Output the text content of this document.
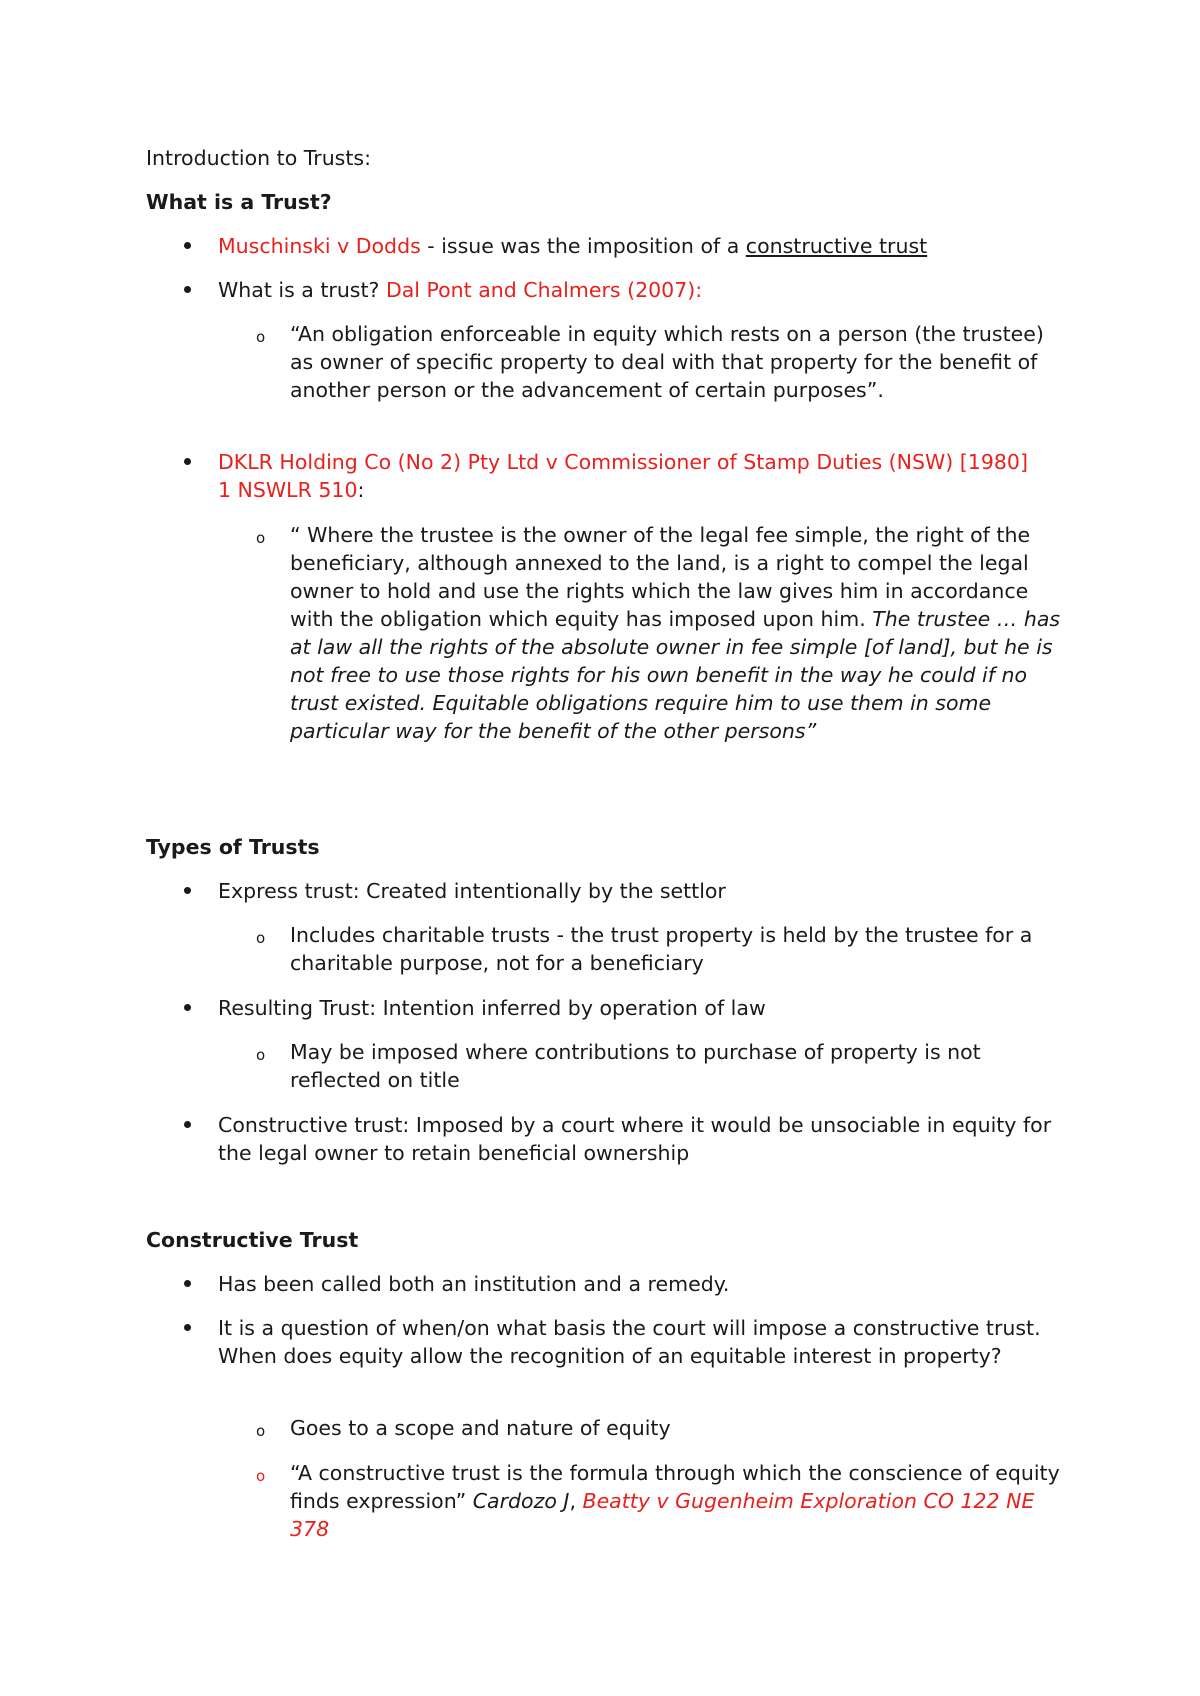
Introduction to Trusts:
What is a Trust?
Muschinski v Dodds - issue was the imposition of a constructive trust
What is a trust? Dal Pont and Chalmers (2007):
o “An obligation enforceable in equity which rests on a person (the trustee) as owner of specific property to deal with that property for the benefit of another person or the advancement of certain purposes”.
DKLR Holding Co (No 2) Pty Ltd v Commissioner of Stamp Duties (NSW) [1980] 1 NSWLR 510:
o “ Where the trustee is the owner of the legal fee simple, the right of the beneficiary, although annexed to the land, is a right to compel the legal owner to hold and use the rights which the law gives him in accordance with the obligation which equity has imposed upon him. The trustee … has at law all the rights of the absolute owner in fee simple [of land], but he is not free to use those rights for his own benefit in the way he could if no trust existed. Equitable obligations require him to use them in some particular way for the benefit of the other persons”
Types of Trusts
Express trust: Created intentionally by the settlor
o Includes charitable trusts - the trust property is held by the trustee for a charitable purpose, not for a beneficiary
Resulting Trust: Intention inferred by operation of law
o May be imposed where contributions to purchase of property is not reflected on title
Constructive trust: Imposed by a court where it would be unsociable in equity for the legal owner to retain beneficial ownership
Constructive Trust
Has been called both an institution and a remedy.
It is a question of when/on what basis the court will impose a constructive trust. When does equity allow the recognition of an equitable interest in property?
o Goes to a scope and nature of equity
o “A constructive trust is the formula through which the conscience of equity finds expression” Cardozo J, Beatty v Gugenheim Exploration CO 122 NE 378
